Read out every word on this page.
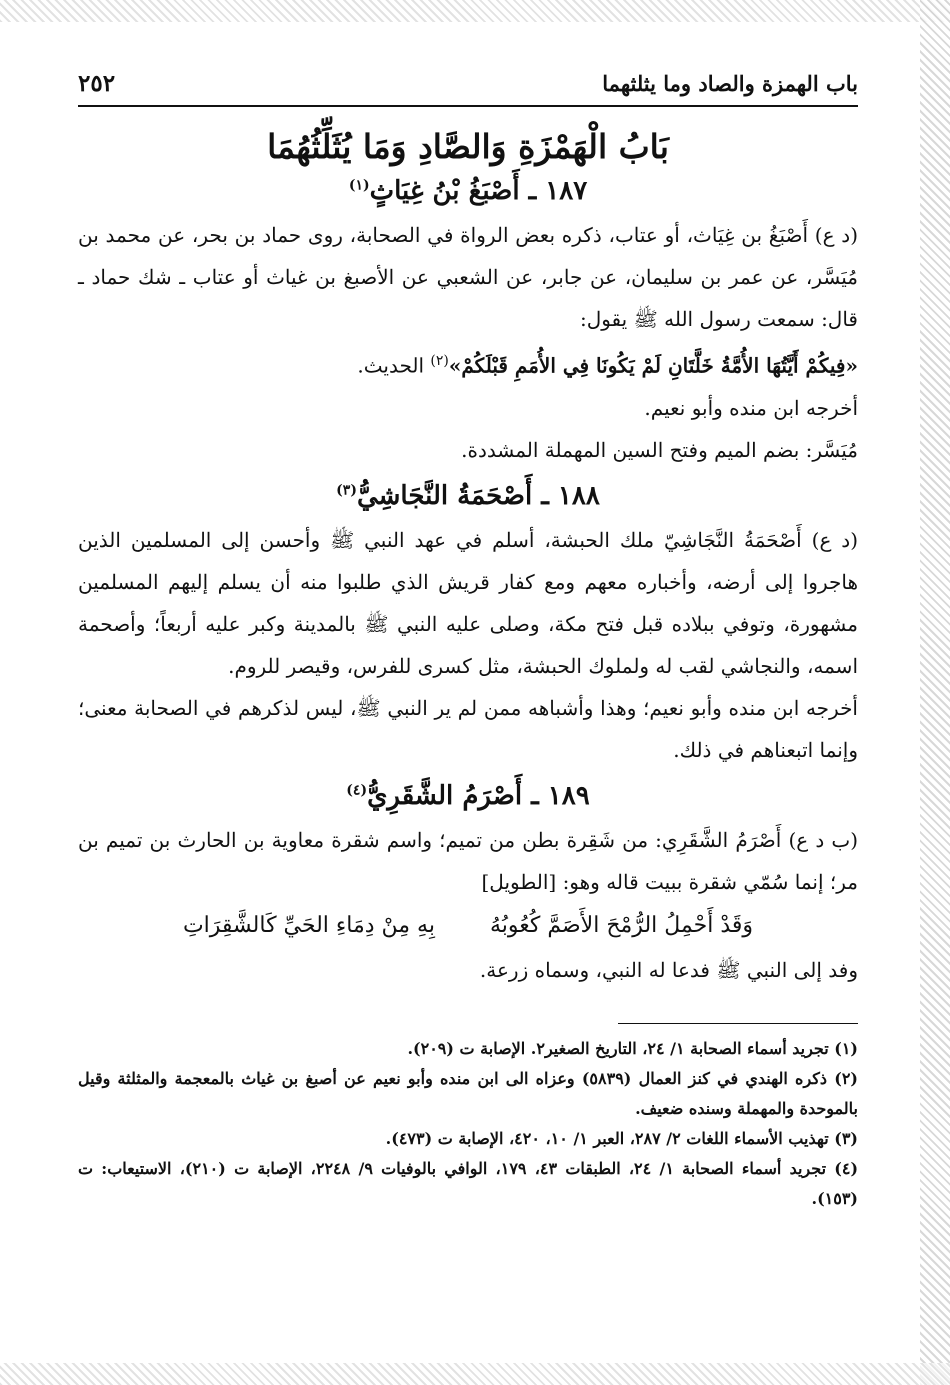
باب الهمزة والصاد وما يثلثهما
٢٥٢
بَابُ الْهَمْزَةِ وَالصَّادِ وَمَا يُثَلِّثُهُمَا
١٨٧ ـ أَصْبَغُ بْنُ غِيَاثٍ$^{(١)}$

(د ع) أَصْبَغُ بن غِيَاث، أو عتاب، ذكره بعض الرواة في الصحابة، روى حماد بن بحر، عن محمد بن مُيَسَّر، عن عمر بن سليمان، عن جابر، عن الشعبي عن الأصبغ بن غياث أو عتاب ـ شك حماد ـ قال: سمعت رسول الله ﷺ يقول:

«فِيكُمْ أَيَّتُهَا الأُمَّةُ خَلَّتَانِ لَمْ يَكُونَا فِي الأُمَمِ قَبْلَكُمْ»$^{(٢)}$ الحديث.

أخرجه ابن منده وأبو نعيم.

مُيَسَّر: بضم الميم وفتح السين المهملة المشددة.

١٨٨ ـ أَصْحَمَةُ النَّجَاشِيُّ$^{(٣)}$

(د ع) أَصْحَمَةُ النَّجَاشِيّ ملك الحبشة، أسلم في عهد النبي ﷺ وأحسن إلى المسلمين الذين هاجروا إلى أرضه، وأخباره معهم ومع كفار قريش الذي طلبوا منه أن يسلم إليهم المسلمين مشهورة، وتوفي ببلاده قبل فتح مكة، وصلى عليه النبي ﷺ بالمدينة وكبر عليه أربعاً؛ وأصحمة اسمه، والنجاشي لقب له ولملوك الحبشة، مثل كسرى للفرس، وقيصر للروم.

أخرجه ابن منده وأبو نعيم؛ وهذا وأشباهه ممن لم ير النبي ﷺ، ليس لذكرهم في الصحابة معنى؛ وإنما اتبعناهم في ذلك.

١٨٩ ـ أَصْرَمُ الشَّقَرِيُّ$^{(٤)}$

(ب د ع) أَصْرَمُ الشَّقَرِي: من شَقِرة بطن من تميم؛ واسم شقرة معاوية بن الحارث بن تميم بن مر؛ إنما سُمّي شقرة ببيت قاله وهو: [الطويل]

وَقَدْ أَحْمِلُ الرُّمْحَ الأَصَمَّ كُعُوبُهُ بِهِ مِنْ دِمَاءِ الحَيِّ كَالشَّقِرَاتِ

وفد إلى النبي ﷺ فدعا له النبي، وسماه زرعة.

(١) تجريد أسماء الصحابة ١/ ٢٤، التاريخ الصغير٢. الإصابة ت (٢٠٩).
(٢) ذكره الهندي في كنز العمال (٥٨٣٩) وعزاه الى ابن منده وأبو نعيم عن أصبغ بن غياث بالمعجمة والمثلثة وقيل بالموحدة والمهملة وسنده ضعيف.
(٣) تهذيب الأسماء اللغات ٢/ ٢٨٧، العبر ١/ ١٠، ٤٢٠، الإصابة ت (٤٧٣).
(٤) تجريد أسماء الصحابة ١/ ٢٤، الطبقات ٤٣، ١٧٩، الوافي بالوفيات ٩/ ٢٢٤٨، الإصابة ت (٢١٠)، الاستيعاب: ت (١٥٣).
